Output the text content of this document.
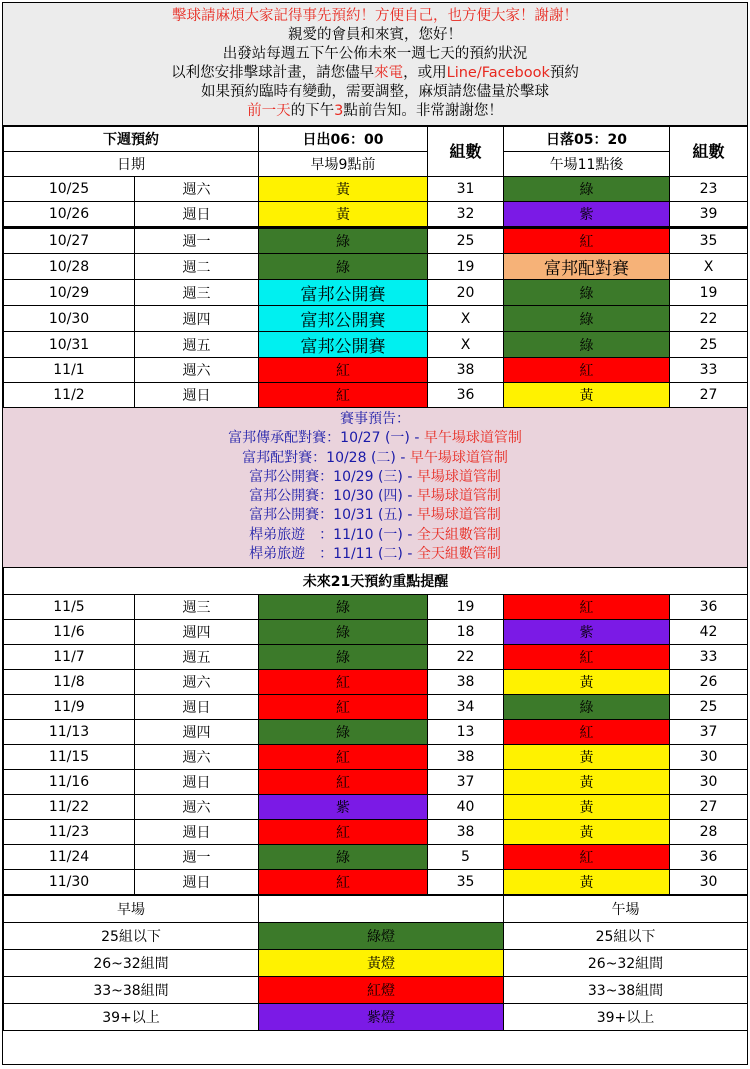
擊球請麻煩大家記得事先預約！方便自己，也方便大家！謝謝！
親愛的會員和來賓，您好！
出發站每週五下午公佈未來一週七天的預約狀況
以利您安排擊球計畫，請您儘早來電，或用Line/Facebook預約
如果預約臨時有變動，需要調整，麻煩請您儘量於擊球
前一天的下午3點前告知。非常謝謝您！
下週預約		日出06：00	組數	日落05：20	組數
日期		早場9點前		午場11點後	
10/25	週六	黃	31	綠	23
10/26	週日	黃	32	紫	39
10/27	週一	綠	25	紅	35
10/28	週二	綠	19	富邦配對賽	X
10/29	週三	富邦公開賽	20	綠	19
10/30	週四	富邦公開賽	X	綠	22
10/31	週五	富邦公開賽	X	綠	25
11/1	週六	紅	38	紅	33
11/2	週日	紅	36	黃	27
賽事預告：
富邦傳承配對賽：10/27 (一) - 早午場球道管制
富邦配對賽：10/28 (二) - 早午場球道管制
富邦公開賽：10/29 (三) - 早場球道管制
富邦公開賽：10/30 (四) - 早場球道管制
富邦公開賽：10/31 (五) - 早場球道管制
桿弟旅遊　：11/10 (一) - 全天組數管制
桿弟旅遊　：11/11 (二) - 全天組數管制
未來21天預約重點提醒					
11/5	週三	綠	19	紅	36
11/6	週四	綠	18	紫	42
11/7	週五	綠	22	紅	33
11/8	週六	紅	38	黃	26
11/9	週日	紅	34	綠	25
11/13	週四	綠	13	紅	37
11/15	週六	紅	38	黃	30
11/16	週日	紅	37	黃	30
11/22	週六	紫	40	黃	27
11/23	週日	紅	38	黃	28
11/24	週一	綠	5	紅	36
11/30	週日	紅	35	黃	30
早場		午場
25組以下	綠燈	25組以下
26~32組間	黃燈	26~32組間
33~38組間	紅燈	33~38組間
39+以上	紫燈	39+以上
